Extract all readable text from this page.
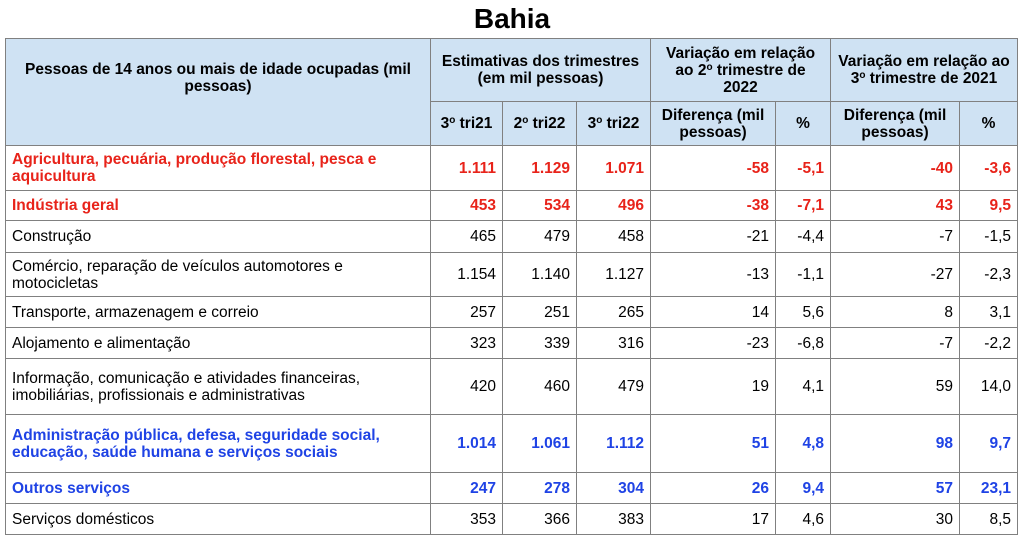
Bahia
Pessoas de 14 anos ou mais de idade ocupadas (mil pessoas)	Estimativas dos trimestres (em mil pessoas)			Variação em relação ao 2$^o$ trimestre de 2022		Variação em relação ao 3$^o$ trimestre de 2021	
	3$^o$ tri21	2$^o$ tri22	3$^o$ tri22	Diferença (mil pessoas)	%	Diferença (mil pessoas)	%
Agricultura, pecuária, produção florestal, pesca e aquicultura	1.111	1.129	1.071	-58	-5,1	-40	-3,6
Indústria geral	453	534	496	-38	-7,1	43	9,5
Construção	465	479	458	-21	-4,4	-7	-1,5
Comércio, reparação de veículos automotores e motocicletas	1.154	1.140	1.127	-13	-1,1	-27	-2,3
Transporte, armazenagem e correio	257	251	265	14	5,6	8	3,1
Alojamento e alimentação	323	339	316	-23	-6,8	-7	-2,2
Informação, comunicação e atividades financeiras, imobiliárias, profissionais e administrativas	420	460	479	19	4,1	59	14,0
Administração pública, defesa, seguridade social, educação, saúde humana e serviços sociais	1.014	1.061	1.112	51	4,8	98	9,7
Outros serviços	247	278	304	26	9,4	57	23,1
Serviços domésticos	353	366	383	17	4,6	30	8,5
